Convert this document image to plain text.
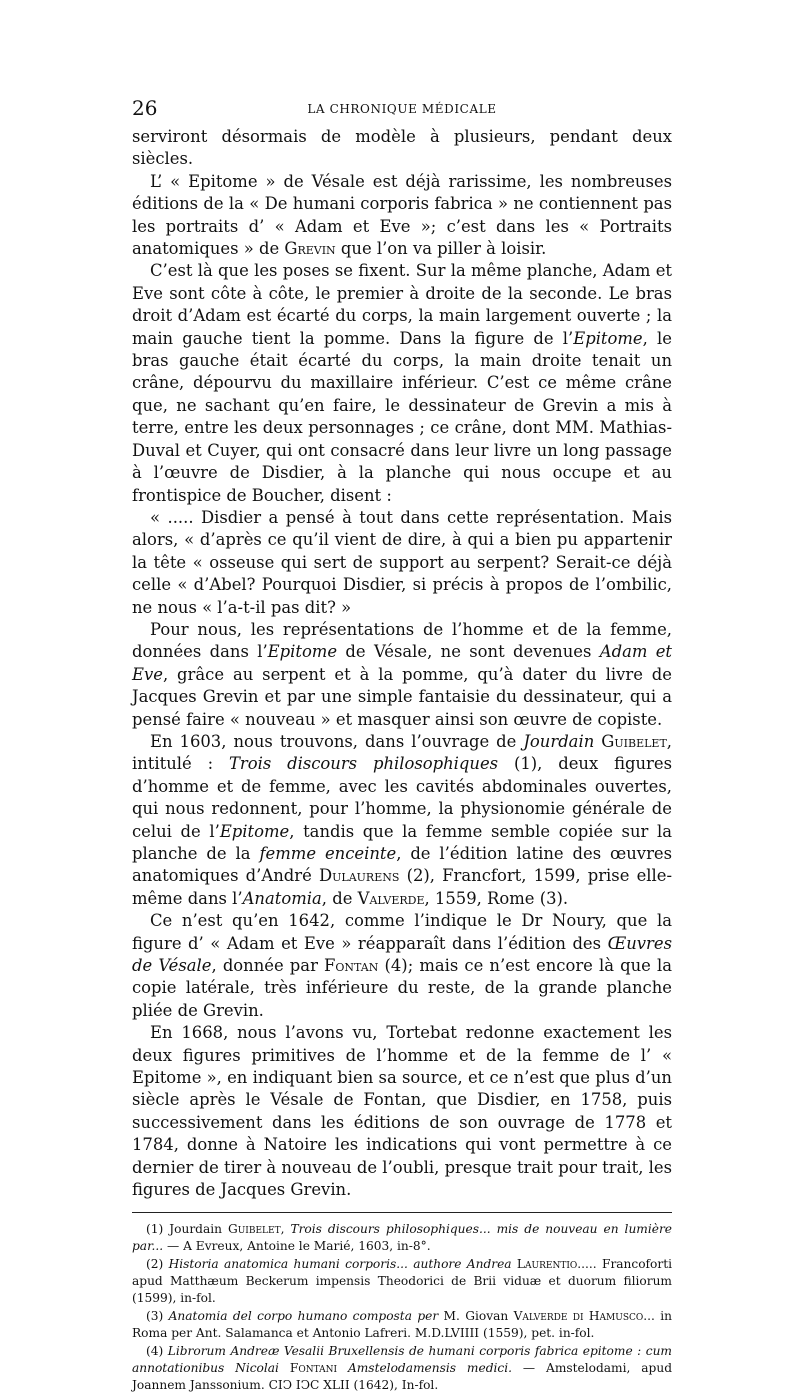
26	LA CHRONIQUE MÉDICALE

serviront désormais de modèle à plusieurs, pendant deux siècles.

L’ « Epitome » de Vésale est déjà rarissime, les nombreuses éditions de la « De humani corporis fabrica » ne contiennent pas les portraits d’ « Adam et Eve »; c’est dans les « Portraits anatomiques » de Grevin que l’on va piller à loisir.

C’est là que les poses se fixent. Sur la même planche, Adam et Eve sont côte à côte, le premier à droite de la seconde. Le bras droit d’Adam est écarté du corps, la main largement ouverte ; la main gauche tient la pomme. Dans la figure de l’Epitome, le bras gauche était écarté du corps, la main droite tenait un crâne, dépourvu du maxillaire inférieur. C’est ce même crâne que, ne sachant qu’en faire, le dessinateur de Grevin a mis à terre, entre les deux personnages ; ce crâne, dont MM. Mathias-Duval et Cuyer, qui ont consacré dans leur livre un long passage à l’œuvre de Disdier, à la planche qui nous occupe et au frontispice de Boucher, disent :

« ..... Disdier a pensé à tout dans cette représentation. Mais alors, « d’après ce qu’il vient de dire, à qui a bien pu appartenir la tête « osseuse qui sert de support au serpent? Serait-ce déjà celle « d’Abel? Pourquoi Disdier, si précis à propos de l’ombilic, ne nous « l’a-t-il pas dit? »

Pour nous, les représentations de l’homme et de la femme, données dans l’Epitome de Vésale, ne sont devenues Adam et Eve, grâce au serpent et à la pomme, qu’à dater du livre de Jacques Grevin et par une simple fantaisie du dessinateur, qui a pensé faire « nouveau » et masquer ainsi son œuvre de copiste.

En 1603, nous trouvons, dans l’ouvrage de Jourdain Guibelet, intitulé : Trois discours philosophiques (1), deux figures d’homme et de femme, avec les cavités abdominales ouvertes, qui nous redonnent, pour l’homme, la physionomie générale de celui de l’Epitome, tandis que la femme semble copiée sur la planche de la femme enceinte, de l’édition latine des œuvres anatomiques d’André Dulaurens (2), Francfort, 1599, prise elle-même dans l’Anatomia, de Valverde, 1559, Rome (3).

Ce n’est qu’en 1642, comme l’indique le Dr Noury, que la figure d’ « Adam et Eve » réapparaît dans l’édition des Œuvres de Vésale, donnée par Fontan (4); mais ce n’est encore là que la copie latérale, très inférieure du reste, de la grande planche pliée de Grevin.

En 1668, nous l’avons vu, Tortebat redonne exactement les deux figures primitives de l’homme et de la femme de l’ « Epitome », en indiquant bien sa source, et ce n’est que plus d’un siècle après le Vésale de Fontan, que Disdier, en 1758, puis successivement dans les éditions de son ouvrage de 1778 et 1784, donne à Natoire les indications qui vont permettre à ce dernier de tirer à nouveau de l’oubli, presque trait pour trait, les figures de Jacques Grevin.

(1) Jourdain Guibelet, Trois discours philosophiques... mis de nouveau en lumière par... — A Evreux, Antoine le Marié, 1603, in-8°.

(2) Historia anatomica humani corporis... authore Andrea Laurentio..... Francoforti apud Matthæum Beckerum impensis Theodorici de Brii viduæ et duorum filiorum (1599), in-fol.

(3) Anatomia del corpo humano composta per M. Giovan Valverde di Hamusco... in Roma per Ant. Salamanca et Antonio Lafreri. M.D.LVIIII (1559), pet. in-fol.

(4) Librorum Andreæ Vesalii Bruxellensis de humani corporis fabrica epitome : cum annotationibus Nicolai Fontani Amstelodamensis medici. — Amstelodami, apud Joannem Janssonium. CIↃ IↃC XLII (1642), In-fol.
